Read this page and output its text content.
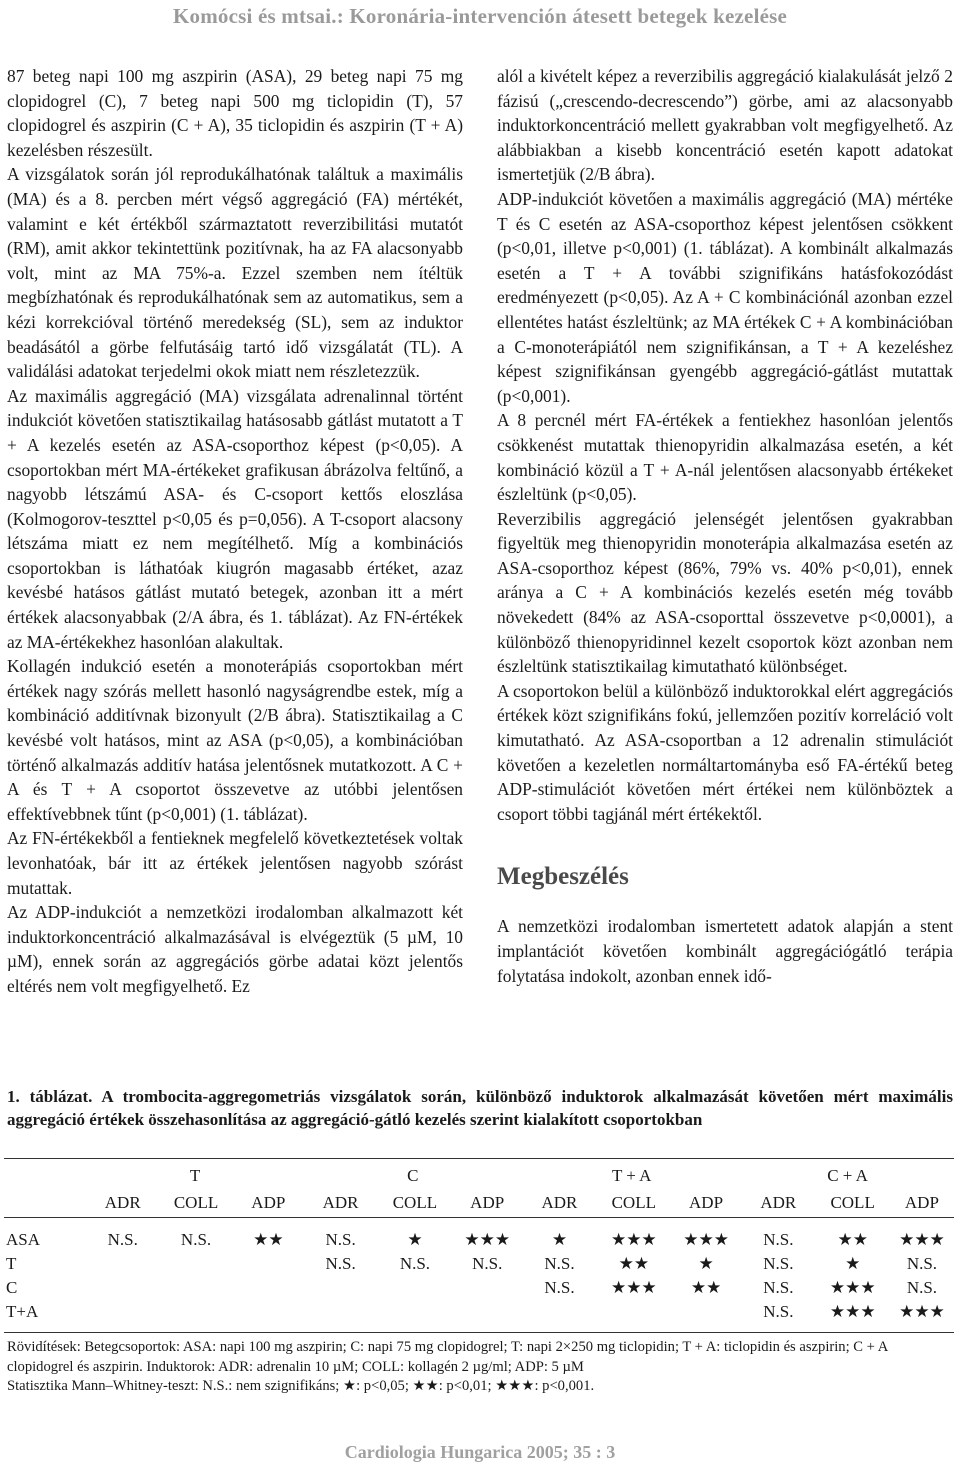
Komócsi és mtsai.: Koronária-intervención átesett betegek kezelése

87 beteg napi 100 mg aszpirin (ASA), 29 beteg napi 75 mg clopidogrel (C), 7 beteg napi 500 mg ticlopidin (T), 57 clopidogrel és aszpirin (C + A), 35 ticlopidin és aszpirin (T + A) kezelésben részesült.

A vizsgálatok során jól reprodukálhatónak találtuk a maximális (MA) és a 8. percben mért végső aggregáció (FA) mértékét, valamint e két értékből származtatott reverzibilitási mutatót (RM), amit akkor tekintettünk pozitívnak, ha az FA alacsonyabb volt, mint az MA 75%-a. Ezzel szemben nem ítéltük megbízhatónak és reprodukálhatónak sem az automatikus, sem a kézi korrekcióval történő meredekség (SL), sem az induktor beadásától a görbe felfutásáig tartó idő vizsgálatát (TL). A validálási adatokat terjedelmi okok miatt nem részletezzük.

Az maximális aggregáció (MA) vizsgálata adrenalinnal történt indukciót követően statisztikailag hatásosabb gátlást mutatott a T + A kezelés esetén az ASA-csoporthoz képest (p<0,05). A csoportokban mért MA-értékeket grafikusan ábrázolva feltűnő, a nagyobb létszámú ASA- és C-csoport kettős eloszlása (Kolmogorov-teszttel p<0,05 és p=0,056). A T-csoport alacsony létszáma miatt ez nem megítélhető. Míg a kombinációs csoportokban is láthatóak kiugrón magasabb értéket, azaz kevésbé hatásos gátlást mutató betegek, azonban itt a mért értékek alacsonyabbak (2/A ábra, és 1. táblázat). Az FN-értékek az MA-értékekhez hasonlóan alakultak.

Kollagén indukció esetén a monoterápiás csoportokban mért értékek nagy szórás mellett hasonló nagyságrendbe estek, míg a kombináció additívnak bizonyult (2/B ábra). Statisztikailag a C kevésbé volt hatásos, mint az ASA (p<0,05), a kombinációban történő alkalmazás additív hatása jelentősnek mutatkozott. A C + A és T + A csoportot összevetve az utóbbi jelentősen effektívebbnek tűnt (p<0,001) (1. táblázat).

Az FN-értékekből a fentieknek megfelelő következtetések voltak levonhatóak, bár itt az értékek jelentősen nagyobb szórást mutattak.

Az ADP-indukciót a nemzetközi irodalomban alkalmazott két induktorkoncentráció alkalmazásával is elvégeztük (5 µM, 10 µM), ennek során az aggregációs görbe adatai közt jelentős eltérés nem volt megfigyelhető. Ez

alól a kivételt képez a reverzibilis aggregáció kialakulását jelző 2 fázisú („crescendo-decrescendo”) görbe, ami az alacsonyabb induktorkoncentráció mellett gyakrabban volt megfigyelhető. Az alábbiakban a kisebb koncentráció esetén kapott adatokat ismertetjük (2/B ábra).

ADP-indukciót követően a maximális aggregáció (MA) mértéke T és C esetén az ASA-csoporthoz képest jelentősen csökkent (p<0,01, illetve p<0,001) (1. táblázat). A kombinált alkalmazás esetén a T + A további szignifikáns hatásfokozódást eredményezett (p<0,05). Az A + C kombinációnál azonban ezzel ellentétes hatást észleltünk; az MA értékek C + A kombinációban a C-monoterápiától nem szignifikánsan, a T + A kezeléshez képest szignifikánsan gyengébb aggregáció-gátlást mutattak (p<0,001).

A 8 percnél mért FA-értékek a fentiekhez hasonlóan jelentős csökkenést mutattak thienopyridin alkalmazása esetén, a két kombináció közül a T + A-nál jelentősen alacsonyabb értékeket észleltünk (p<0,05).

Reverzibilis aggregáció jelenségét jelentősen gyakrabban figyeltük meg thienopyridin monoterápia alkalmazása esetén az ASA-csoporthoz képest (86%, 79% vs. 40% p<0,01), ennek aránya a C + A kombinációs kezelés esetén még tovább növekedett (84% az ASA-csoporttal összevetve p<0,0001), a különböző thienopyridinnel kezelt csoportok közt azonban nem észleltünk statisztikailag kimutatható különbséget.

A csoportokon belül a különböző induktorokkal elért aggregációs értékek közt szignifikáns fokú, jellemzően pozitív korreláció volt kimutatható. Az ASA-csoportban a 12 adrenalin stimulációt követően a kezeletlen normáltartományba eső FA-értékű beteg ADP-stimulációt követően mért értékei nem különböztek a csoport többi tagjánál mért értékektől.

Megbeszélés

A nemzetközi irodalomban ismertetett adatok alapján a stent implantációt követően kombinált aggregációgátló terápia folytatása indokolt, azonban ennek idő-

1. táblázat. A trombocita-aggregometriás vizsgálatok során, különböző induktorok alkalmazását követően mért maximális aggregáció értékek összehasonlítása az aggregáció-gátló kezelés szerint kialakított csoportokban
	T			C			T + A			C + A		
	ADR	COLL	ADP	ADR	COLL	ADP	ADR	COLL	ADP	ADR	COLL	ADP
ASA	N.S.	N.S.	★★	N.S.	★	★★★	★	★★★	★★★	N.S.	★★	★★★
T				N.S.	N.S.	N.S.	N.S.	★★	★	N.S.	★	N.S.
C							N.S.	★★★	★★	N.S.	★★★	N.S.
T+A										N.S.	★★★	★★★
Rövidítések: Betegcsoportok: ASA: napi 100 mg aszpirin; C: napi 75 mg clopidogrel; T: napi 2×250 mg ticlopidin; T + A: ticlopidin és aszpirin; C + A clopidogrel és aszpirin. Induktorok: ADR: adrenalin 10 µM; COLL: kollagén 2 µg/ml; ADP: 5 µM
Statisztika Mann–Whitney-teszt: N.S.: nem szignifikáns; ★: p<0,05; ★★: p<0,01; ★★★: p<0,001.
Cardiologia Hungarica 2005; 35 : 3
